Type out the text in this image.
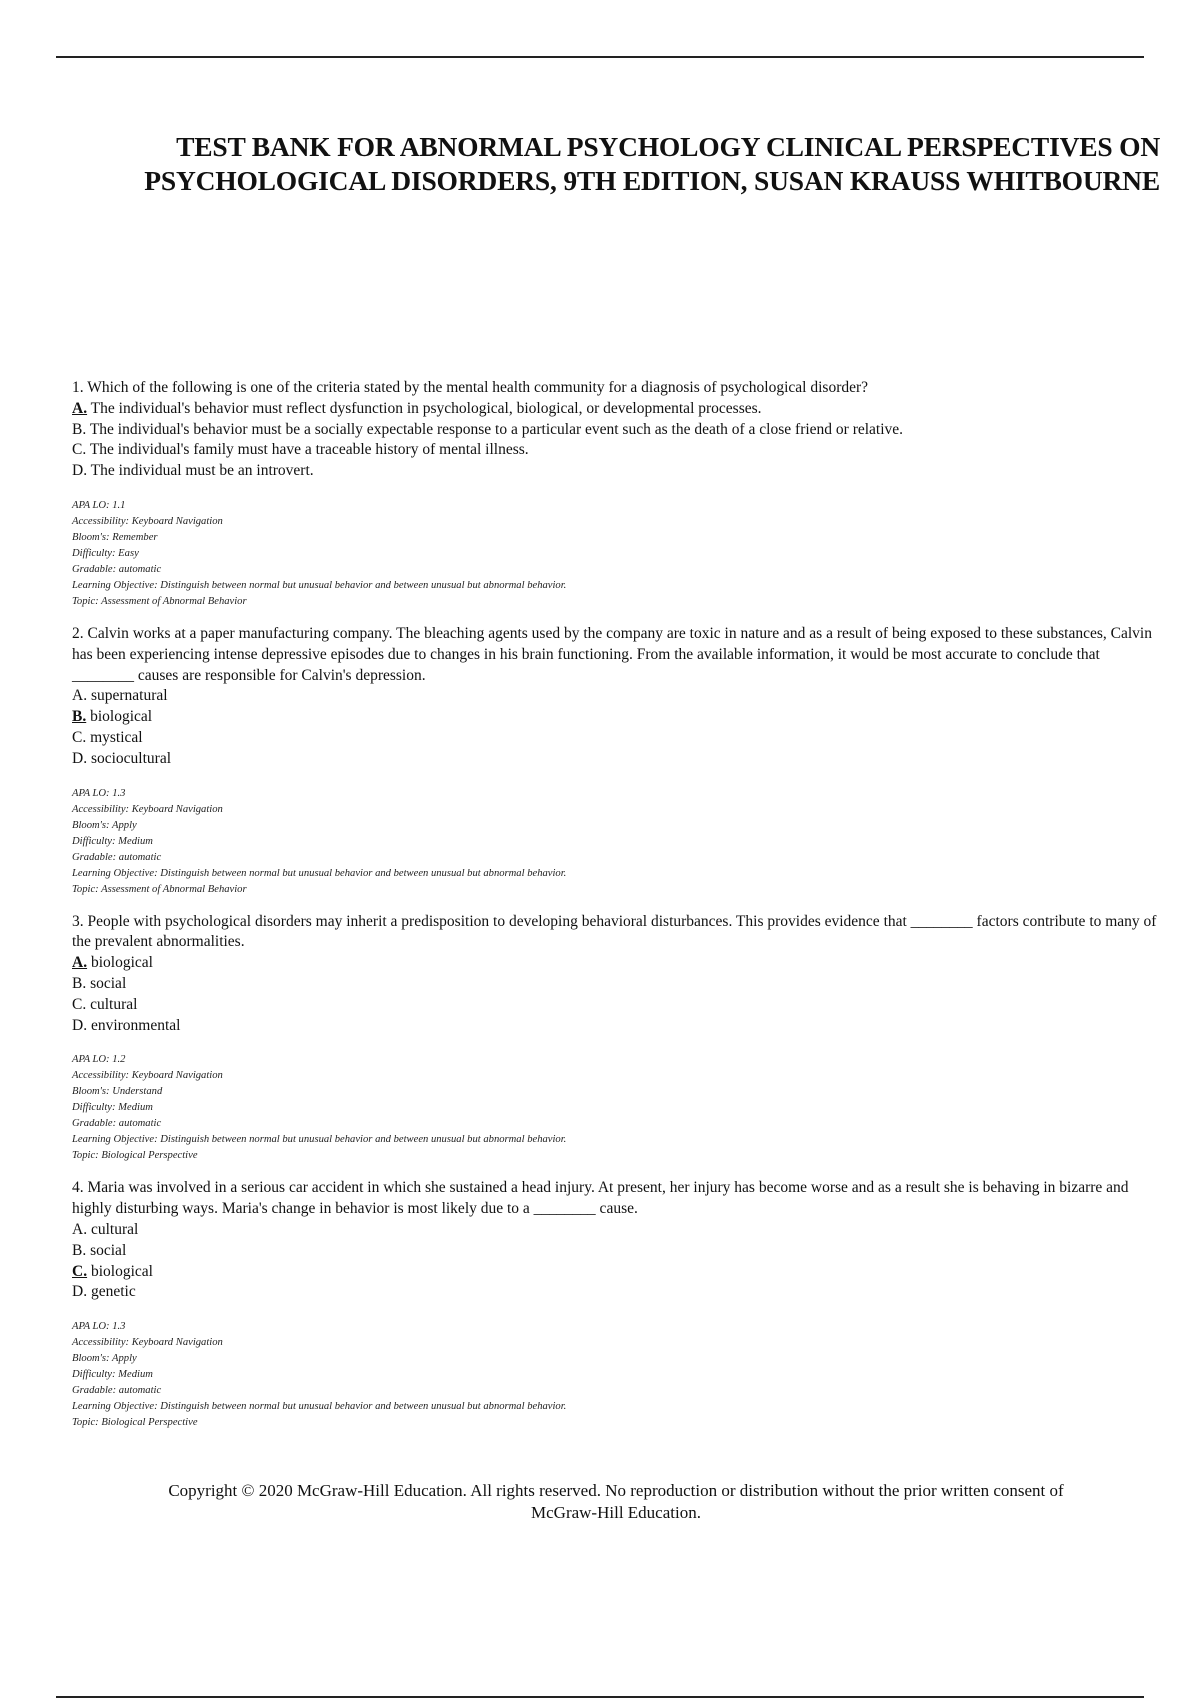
TEST BANK FOR ABNORMAL PSYCHOLOGY CLINICAL PERSPECTIVES ON
PSYCHOLOGICAL DISORDERS, 9TH EDITION, SUSAN KRAUSS WHITBOURNE

1. Which of the following is one of the criteria stated by the mental health community for a diagnosis of psychological disorder?

A. The individual's behavior must reflect dysfunction in psychological, biological, or developmental processes.
B. The individual's behavior must be a socially expectable response to a particular event such as the death of a close friend or relative.
C. The individual's family must have a traceable history of mental illness.
D. The individual must be an introvert.
APA LO: 1.1
Accessibility: Keyboard Navigation
Bloom's: Remember
Difficulty: Easy
Gradable: automatic
Learning Objective: Distinguish between normal but unusual behavior and between unusual but abnormal behavior.
Topic: Assessment of Abnormal Behavior

2. Calvin works at a paper manufacturing company. The bleaching agents used by the company are toxic in nature and as a result of being exposed to these substances, Calvin has been experiencing intense depressive episodes due to changes in his brain functioning. From the available information, it would be most accurate to conclude that ________ causes are responsible for Calvin's depression.

A. supernatural
B. biological
C. mystical
D. sociocultural
APA LO: 1.3
Accessibility: Keyboard Navigation
Bloom's: Apply
Difficulty: Medium
Gradable: automatic
Learning Objective: Distinguish between normal but unusual behavior and between unusual but abnormal behavior.
Topic: Assessment of Abnormal Behavior

3. People with psychological disorders may inherit a predisposition to developing behavioral disturbances. This provides evidence that ________ factors contribute to many of the prevalent abnormalities.

A. biological
B. social
C. cultural
D. environmental
APA LO: 1.2
Accessibility: Keyboard Navigation
Bloom's: Understand
Difficulty: Medium
Gradable: automatic
Learning Objective: Distinguish between normal but unusual behavior and between unusual but abnormal behavior.
Topic: Biological Perspective

4. Maria was involved in a serious car accident in which she sustained a head injury. At present, her injury has become worse and as a result she is behaving in bizarre and highly disturbing ways. Maria's change in behavior is most likely due to a ________ cause.

A. cultural
B. social
C. biological
D. genetic
APA LO: 1.3
Accessibility: Keyboard Navigation
Bloom's: Apply
Difficulty: Medium
Gradable: automatic
Learning Objective: Distinguish between normal but unusual behavior and between unusual but abnormal behavior.
Topic: Biological Perspective
Copyright © 2020 McGraw-Hill Education. All rights reserved. No reproduction or distribution without the prior written consent of
McGraw-Hill Education.
